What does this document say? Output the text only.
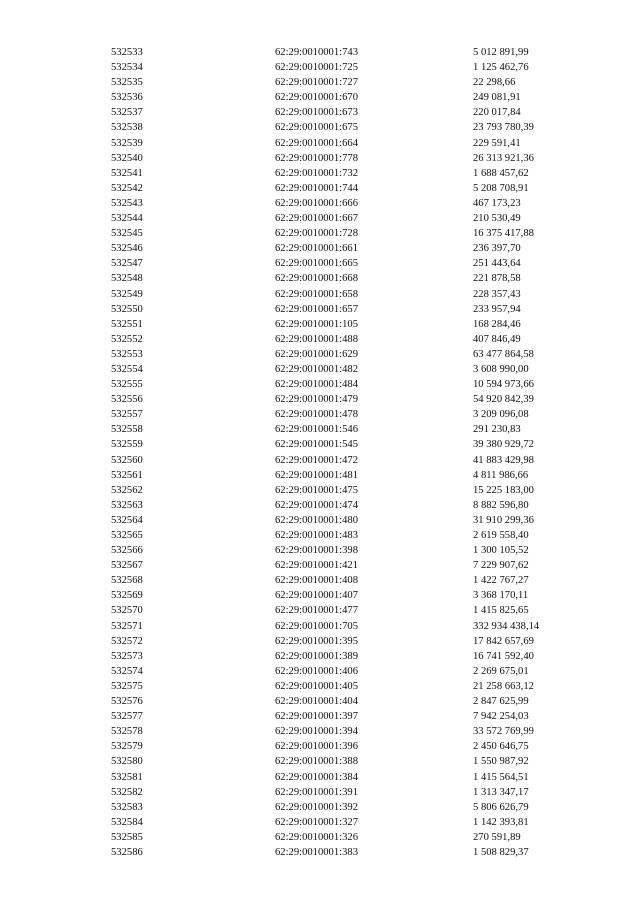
532533	62:29:0010001:743	5 012 891,99
532534	62:29:0010001:725	1 125 462,76
532535	62:29:0010001:727	22 298,66
532536	62:29:0010001:670	249 081,91
532537	62:29:0010001:673	220 017,84
532538	62:29:0010001:675	23 793 780,39
532539	62:29:0010001:664	229 591,41
532540	62:29:0010001:778	26 313 921,36
532541	62:29:0010001:732	1 688 457,62
532542	62:29:0010001:744	5 208 708,91
532543	62:29:0010001:666	467 173,23
532544	62:29:0010001:667	210 530,49
532545	62:29:0010001:728	16 375 417,88
532546	62:29:0010001:661	236 397,70
532547	62:29:0010001:665	251 443,64
532548	62:29:0010001:668	221 878,58
532549	62:29:0010001:658	228 357,43
532550	62:29:0010001:657	233 957,94
532551	62:29:0010001:105	168 284,46
532552	62:29:0010001:488	407 846,49
532553	62:29:0010001:629	63 477 864,58
532554	62:29:0010001:482	3 608 990,00
532555	62:29:0010001:484	10 594 973,66
532556	62:29:0010001:479	54 920 842,39
532557	62:29:0010001:478	3 209 096,08
532558	62:29:0010001:546	291 230,83
532559	62:29:0010001:545	39 380 929,72
532560	62:29:0010001:472	41 883 429,98
532561	62:29:0010001:481	4 811 986,66
532562	62:29:0010001:475	15 225 183,00
532563	62:29:0010001:474	8 882 596,80
532564	62:29:0010001:480	31 910 299,36
532565	62:29:0010001:483	2 619 558,40
532566	62:29:0010001:398	1 300 105,52
532567	62:29:0010001:421	7 229 907,62
532568	62:29:0010001:408	1 422 767,27
532569	62:29:0010001:407	3 368 170,11
532570	62:29:0010001:477	1 415 825,65
532571	62:29:0010001:705	332 934 438,14
532572	62:29:0010001:395	17 842 657,69
532573	62:29:0010001:389	16 741 592,40
532574	62:29:0010001:406	2 269 675,01
532575	62:29:0010001:405	21 258 663,12
532576	62:29:0010001:404	2 847 625,99
532577	62:29:0010001:397	7 942 254,03
532578	62:29:0010001:394	33 572 769,99
532579	62:29:0010001:396	2 450 646,75
532580	62:29:0010001:388	1 550 987,92
532581	62:29:0010001:384	1 415 564,51
532582	62:29:0010001:391	1 313 347,17
532583	62:29:0010001:392	5 806 626,79
532584	62:29:0010001:327	1 142 393,81
532585	62:29:0010001:326	270 591,89
532586	62:29:0010001:383	1 508 829,37
